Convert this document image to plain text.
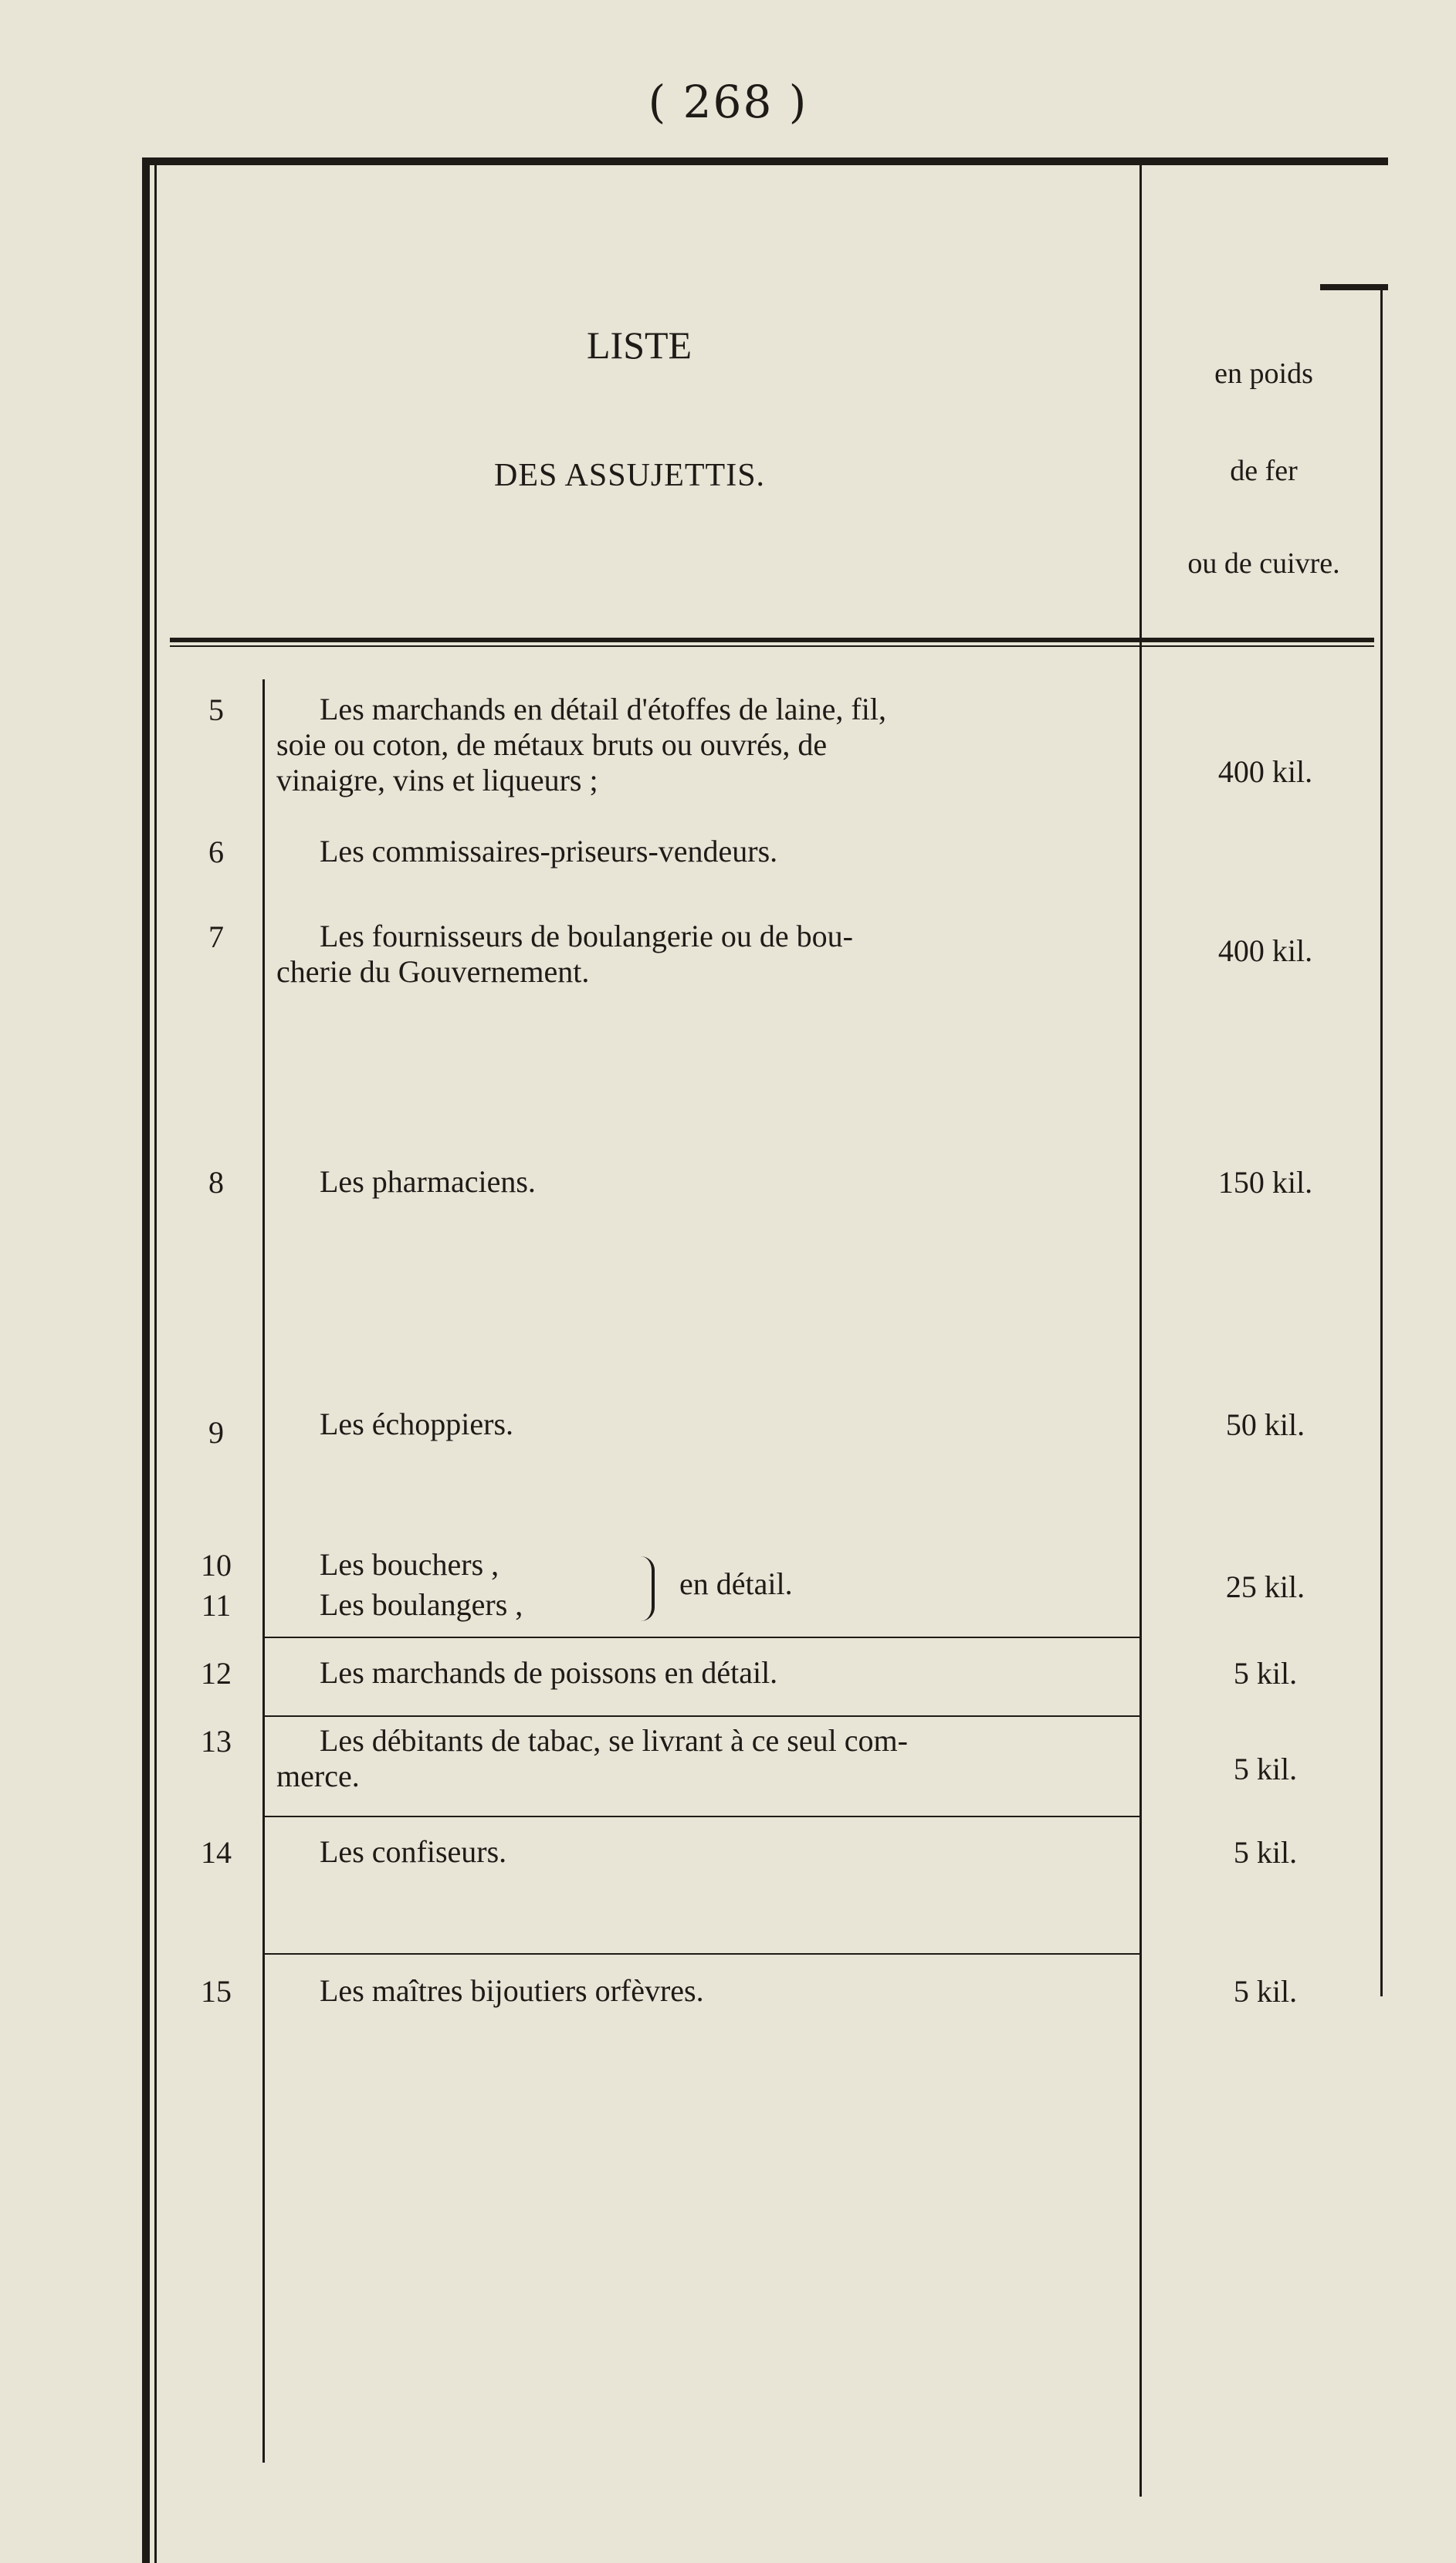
( 268 )
LISTE
DES ASSUJETTIS.
en poids
de fer
ou de cuivre.
5	Les marchands en détail d'étoffes de laine, fil,
soie ou coton, de métaux bruts ou ouvrés, de
vinaigre, vins et liqueurs ;	400 kil.
6	Les commissaires-priseurs-vendeurs.
7	Les fournisseurs de boulangerie ou de bou-
cherie du Gouvernement.
400 kil.
8	Les pharmaciens.	150 kil.
9	Les échoppiers.	50 kil.
10	Les bouchers ,
11	Les boulangers ,
25 kil.
en détail.
12	Les marchands de poissons en détail.	5 kil.
13	Les débitants de tabac, se livrant à ce seul com-
merce.	5 kil.
14	Les confiseurs.	5 kil.
15	Les maîtres bijoutiers orfèvres.	5 kil.
